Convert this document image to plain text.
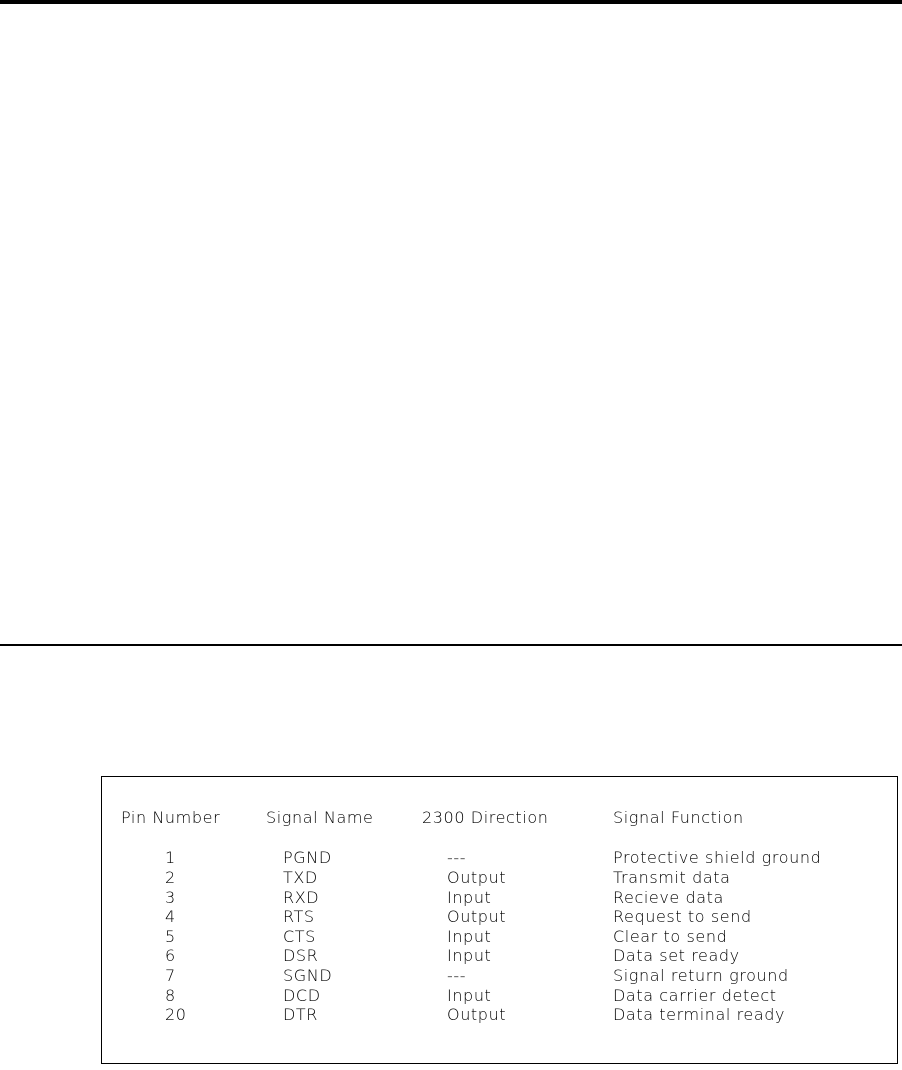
Pin Number	Signal Name	2300 Direction	Signal Function
1	PGND	---	Protective shield ground
2	TXD	Output	Transmit data
3	RXD	Input	Recieve data
4	RTS	Output	Request to send
5	CTS	Input	Clear to send
6	DSR	Input	Data set ready
7	SGND	---	Signal return ground
8	DCD	Input	Data carrier detect
20	DTR	Output	Data terminal ready
